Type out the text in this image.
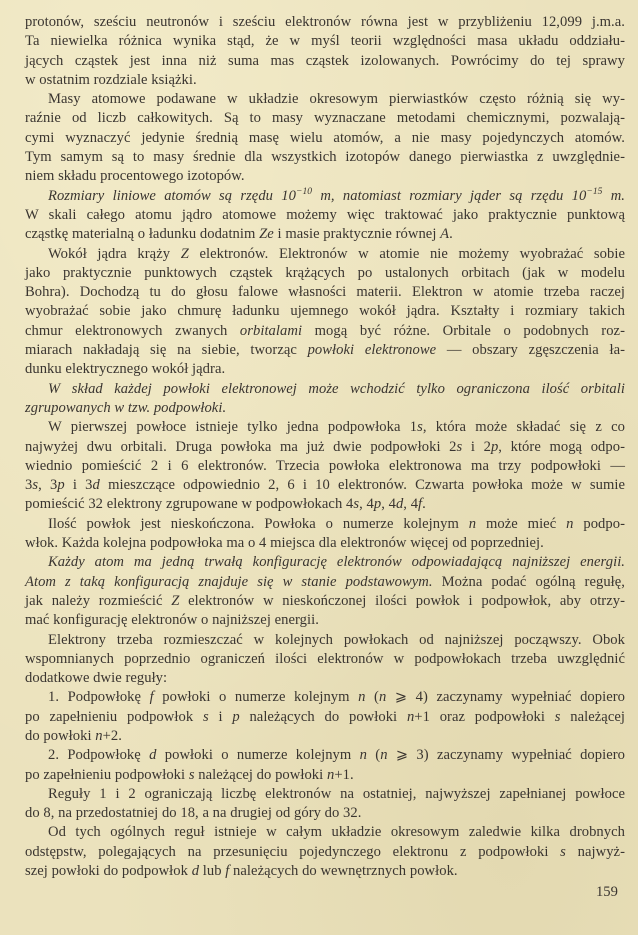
protonów, sześciu neutronów i sześciu elektronów równa jest w przybliżeniu 12,099 j.m.a.
Ta niewielka różnica wynika stąd, że w myśl teorii względności masa układu oddziału-
jących cząstek jest inna niż suma mas cząstek izolowanych. Powrócimy do tej sprawy
w ostatnim rozdziale książki.
Masy atomowe podawane w układzie okresowym pierwiastków często różnią się wy-
raźnie od liczb całkowitych. Są to masy wyznaczane metodami chemicznymi, pozwalają-
cymi wyznaczyć jedynie średnią masę wielu atomów, a nie masy pojedynczych atomów.
Tym samym są to masy średnie dla wszystkich izotopów danego pierwiastka z uwzględnie-
niem składu procentowego izotopów.
Rozmiary liniowe atomów są rzędu $10^{-10}$ m, natomiast rozmiary jąder są rzędu $10^{-15}$ m.
W skali całego atomu jądro atomowe możemy więc traktować jako praktycznie punktową
cząstkę materialną o ładunku dodatnim Ze i masie praktycznie równej A.
Wokół jądra krąży Z elektronów. Elektronów w atomie nie możemy wyobrażać sobie
jako praktycznie punktowych cząstek krążących po ustalonych orbitach (jak w modelu
Bohra). Dochodzą tu do głosu falowe własności materii. Elektron w atomie trzeba raczej
wyobrażać sobie jako chmurę ładunku ujemnego wokół jądra. Kształty i rozmiary takich
chmur elektronowych zwanych orbitalami mogą być różne. Orbitale o podobnych roz-
miarach nakładają się na siebie, tworząc powłoki elektronowe — obszary zgęszczenia ła-
dunku elektrycznego wokół jądra.
W skład każdej powłoki elektronowej może wchodzić tylko ograniczona ilość orbitali
zgrupowanych w tzw. podpowłoki.
W pierwszej powłoce istnieje tylko jedna podpowłoka 1s, która może składać się z co
najwyżej dwu orbitali. Druga powłoka ma już dwie podpowłoki 2s i 2p, które mogą odpo-
wiednio pomieścić 2 i 6 elektronów. Trzecia powłoka elektronowa ma trzy podpowłoki —
3s, 3p i 3d mieszczące odpowiednio 2, 6 i 10 elektronów. Czwarta powłoka może w sumie
pomieścić 32 elektrony zgrupowane w podpowłokach 4s, 4p, 4d, 4f.
Ilość powłok jest nieskończona. Powłoka o numerze kolejnym n może mieć n podpo-
włok. Każda kolejna podpowłoka ma o 4 miejsca dla elektronów więcej od poprzedniej.
Każdy atom ma jedną trwałą konfigurację elektronów odpowiadającą najniższej energii.
Atom z taką konfiguracją znajduje się w stanie podstawowym. Można podać ogólną regułę,
jak należy rozmieścić Z elektronów w nieskończonej ilości powłok i podpowłok, aby otrzy-
mać konfigurację elektronów o najniższej energii.
Elektrony trzeba rozmieszczać w kolejnych powłokach od najniższej począwszy. Obok
wspomnianych poprzednio ograniczeń ilości elektronów w podpowłokach trzeba uwzględnić
dodatkowe dwie reguły:
1. Podpowłokę f powłoki o numerze kolejnym n (n ⩾ 4) zaczynamy wypełniać dopiero
po zapełnieniu podpowłok s i p należących do powłoki n+1 oraz podpowłoki s należącej
do powłoki n+2.
2. Podpowłokę d powłoki o numerze kolejnym n (n ⩾ 3) zaczynamy wypełniać dopiero
po zapełnieniu podpowłoki s należącej do powłoki n+1.
Reguły 1 i 2 ograniczają liczbę elektronów na ostatniej, najwyższej zapełnianej powłoce
do 8, na przedostatniej do 18, a na drugiej od góry do 32.
Od tych ogólnych reguł istnieje w całym układzie okresowym zaledwie kilka drobnych
odstępstw, polegających na przesunięciu pojedynczego elektronu z podpowłoki s najwyż-
szej powłoki do podpowłok d lub f należących do wewnętrznych powłok.
159
